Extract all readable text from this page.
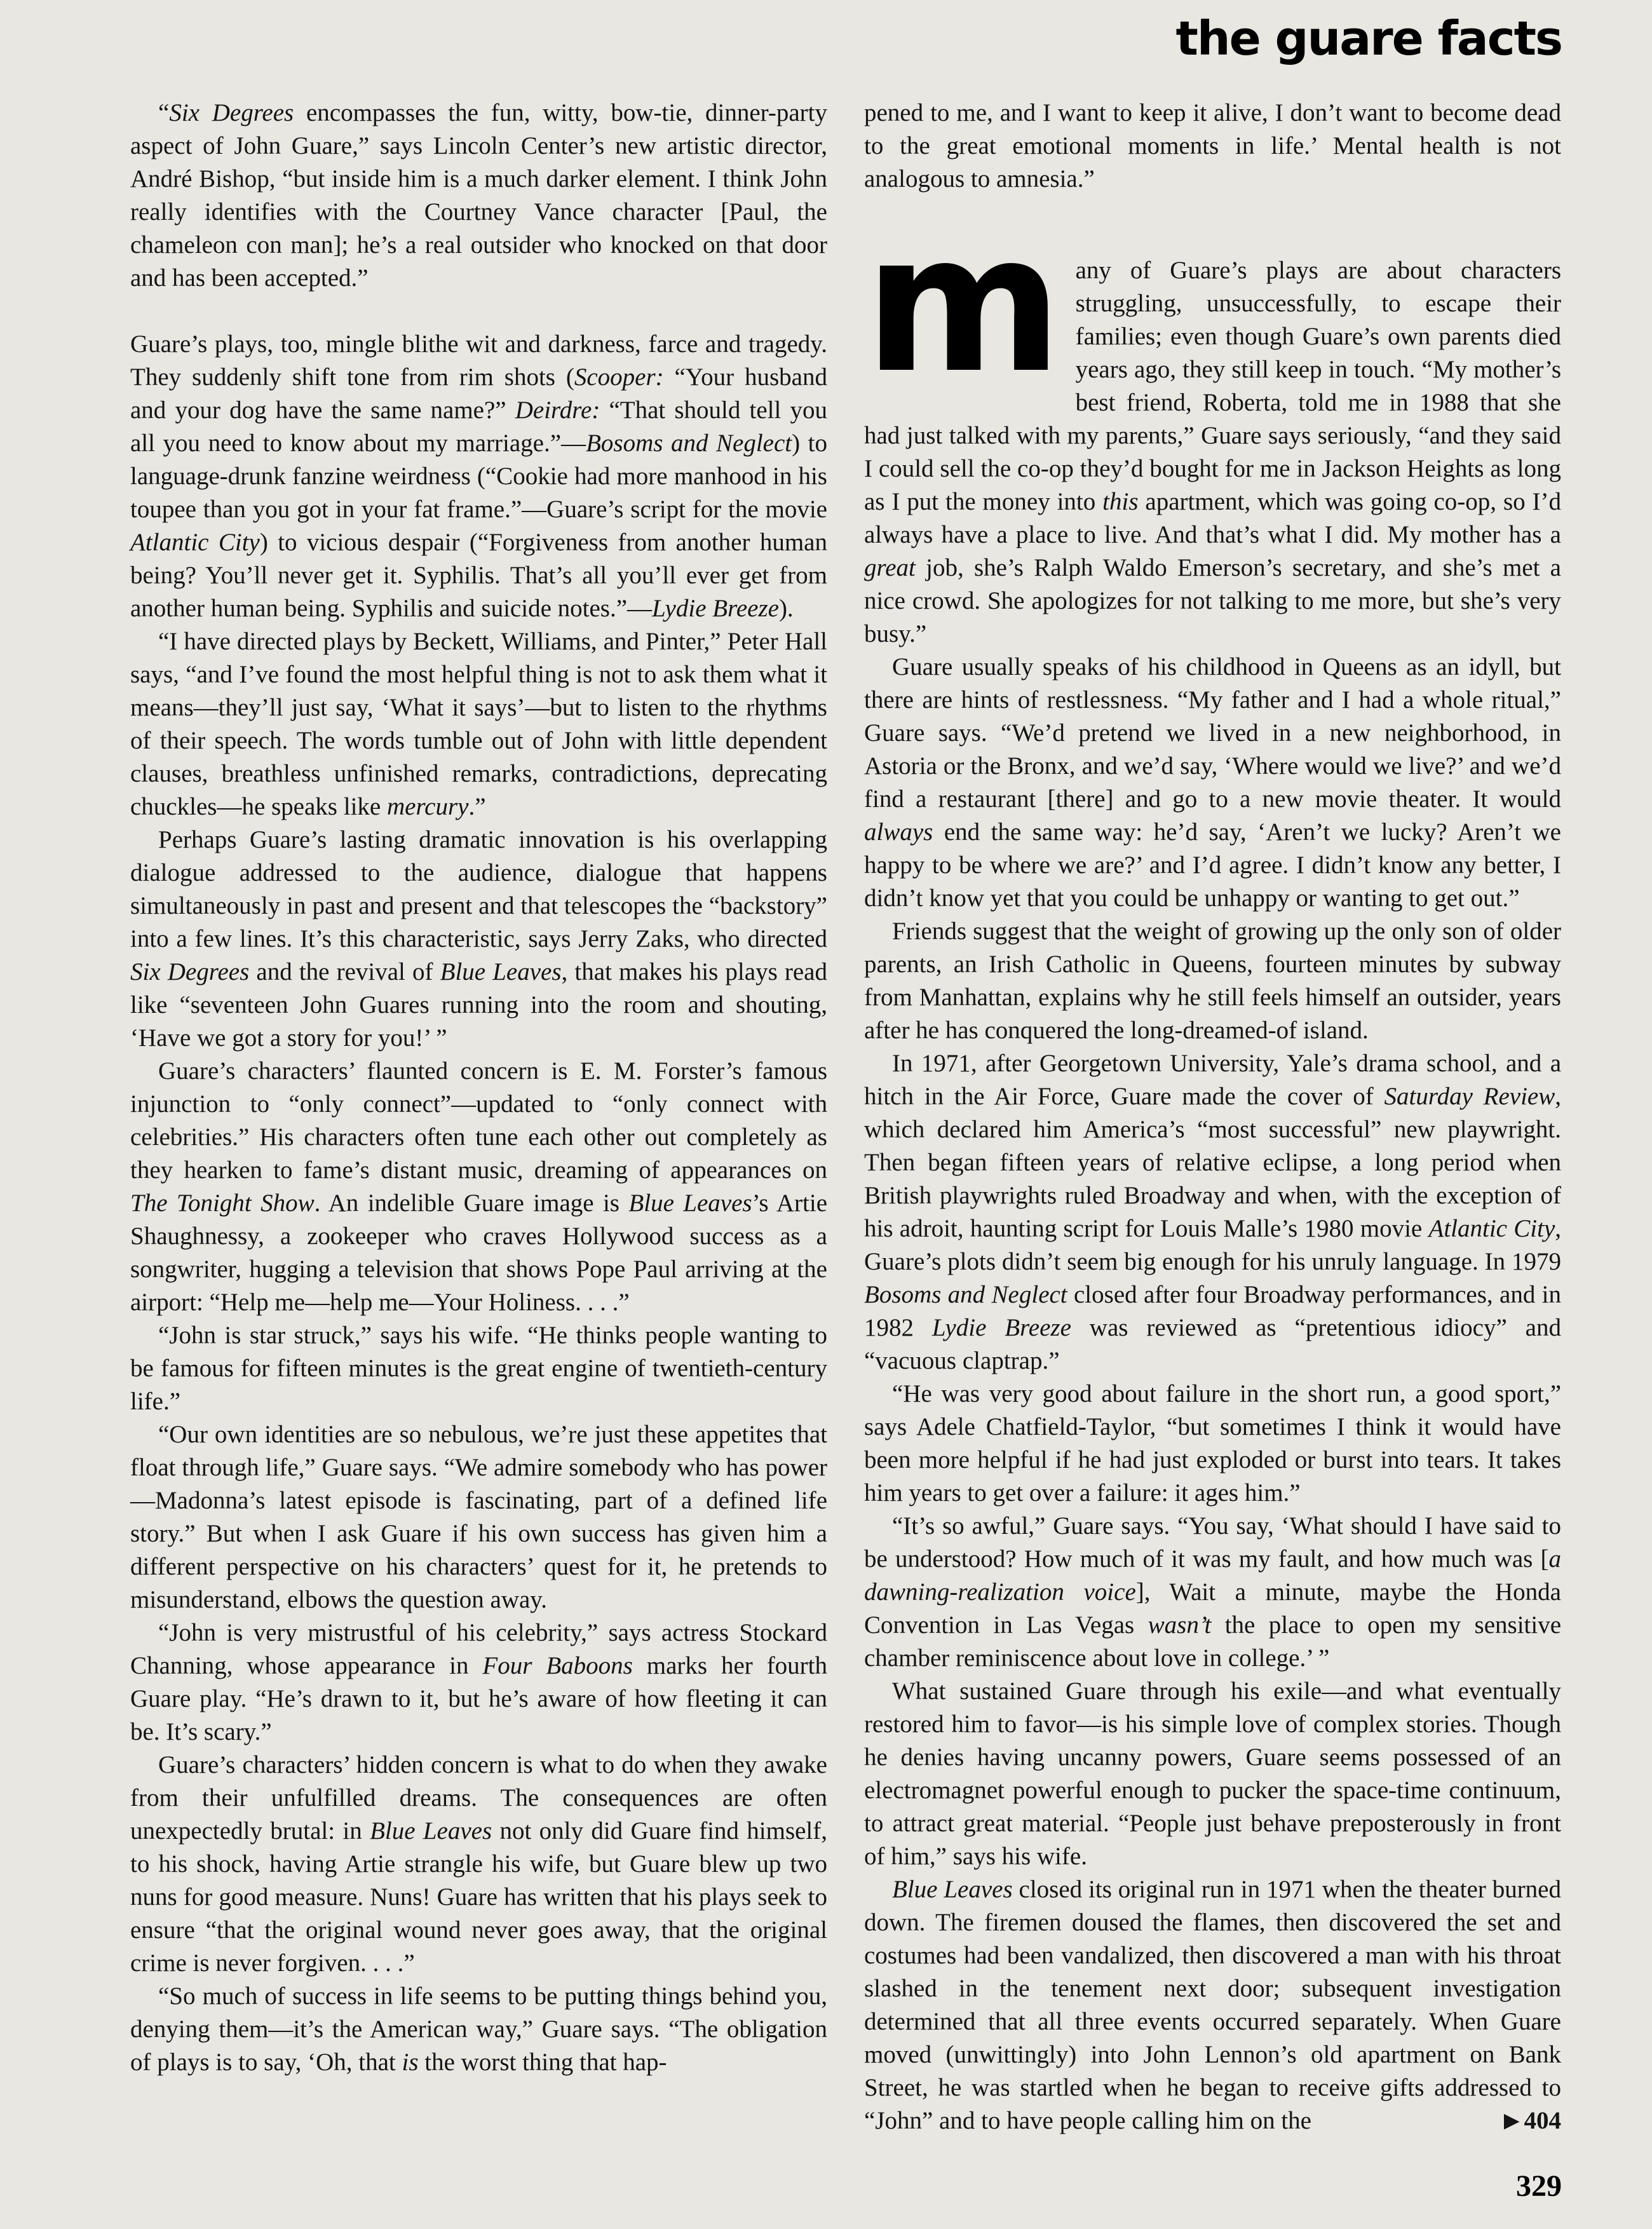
the guare facts

“Six Degrees encompasses the fun, witty, bow-tie, dinner-party aspect of John Guare,” says Lincoln Center’s new artistic director, André Bishop, “but inside him is a much darker element. I think John really identifies with the Courtney Vance character [Paul, the chameleon con man]; he’s a real outsider who knocked on that door and has been accepted.”

Guare’s plays, too, mingle blithe wit and darkness, farce and tragedy. They suddenly shift tone from rim shots (Scooper: “Your husband and your dog have the same name?” Deirdre: “That should tell you all you need to know about my marriage.”—Bosoms and Neglect) to language-drunk fanzine weirdness (“Cookie had more manhood in his toupee than you got in your fat frame.”—Guare’s script for the movie Atlantic City) to vicious despair (“Forgiveness from another human being? You’ll never get it. Syphilis. That’s all you’ll ever get from another human being. Syphilis and suicide notes.”—Lydie Breeze).

“I have directed plays by Beckett, Williams, and Pinter,” Peter Hall says, “and I’ve found the most helpful thing is not to ask them what it means—they’ll just say, ‘What it says’—but to listen to the rhythms of their speech. The words tumble out of John with little dependent clauses, breathless unfinished remarks, contradictions, deprecating chuckles—he speaks like mercury.”

Perhaps Guare’s lasting dramatic innovation is his overlapping dialogue addressed to the audience, dialogue that happens simultaneously in past and present and that telescopes the “backstory” into a few lines. It’s this characteristic, says Jerry Zaks, who directed Six Degrees and the revival of Blue Leaves, that makes his plays read like “seventeen John Guares running into the room and shouting, ‘Have we got a story for you!’ ”

Guare’s characters’ flaunted concern is E. M. Forster’s famous injunction to “only connect”—updated to “only connect with celebrities.” His characters often tune each other out completely as they hearken to fame’s distant music, dreaming of appearances on The Tonight Show. An indelible Guare image is Blue Leaves’s Artie Shaughnessy, a zookeeper who craves Hollywood success as a songwriter, hugging a television that shows Pope Paul arriving at the airport: “Help me—help me—Your Holiness. . . .”

“John is star struck,” says his wife. “He thinks people wanting to be famous for fifteen minutes is the great engine of twentieth-century life.”

“Our own identities are so nebulous, we’re just these appetites that float through life,” Guare says. “We admire somebody who has power—Madonna’s latest episode is fascinating, part of a defined life story.” But when I ask Guare if his own success has given him a different perspective on his characters’ quest for it, he pretends to misunderstand, elbows the question away.

“John is very mistrustful of his celebrity,” says actress Stockard Channing, whose appearance in Four Baboons marks her fourth Guare play. “He’s drawn to it, but he’s aware of how fleeting it can be. It’s scary.”

Guare’s characters’ hidden concern is what to do when they awake from their unfulfilled dreams. The consequences are often unexpectedly brutal: in Blue Leaves not only did Guare find himself, to his shock, having Artie strangle his wife, but Guare blew up two nuns for good measure. Nuns! Guare has written that his plays seek to ensure “that the original wound never goes away, that the original crime is never forgiven. . . .”

“So much of success in life seems to be putting things behind you, denying them—it’s the American way,” Guare says. “The obligation of plays is to say, ‘Oh, that is the worst thing that hap-

pened to me, and I want to keep it alive, I don’t want to become dead to the great emotional moments in life.’ Mental health is not analogous to amnesia.”

many of Guare’s plays are about characters struggling, unsuccessfully, to escape their families; even though Guare’s own parents died years ago, they still keep in touch. “My mother’s best friend, Roberta, told me in 1988 that she had just talked with my parents,” Guare says seriously, “and they said I could sell the co-op they’d bought for me in Jackson Heights as long as I put the money into this apartment, which was going co-op, so I’d always have a place to live. And that’s what I did. My mother has a great job, she’s Ralph Waldo Emerson’s secretary, and she’s met a nice crowd. She apologizes for not talking to me more, but she’s very busy.”

Guare usually speaks of his childhood in Queens as an idyll, but there are hints of restlessness. “My father and I had a whole ritual,” Guare says. “We’d pretend we lived in a new neighborhood, in Astoria or the Bronx, and we’d say, ‘Where would we live?’ and we’d find a restaurant [there] and go to a new movie theater. It would always end the same way: he’d say, ‘Aren’t we lucky? Aren’t we happy to be where we are?’ and I’d agree. I didn’t know any better, I didn’t know yet that you could be unhappy or wanting to get out.”

Friends suggest that the weight of growing up the only son of older parents, an Irish Catholic in Queens, fourteen minutes by subway from Manhattan, explains why he still feels himself an outsider, years after he has conquered the long-dreamed-of island.

In 1971, after Georgetown University, Yale’s drama school, and a hitch in the Air Force, Guare made the cover of Saturday Review, which declared him America’s “most successful” new playwright. Then began fifteen years of relative eclipse, a long period when British playwrights ruled Broadway and when, with the exception of his adroit, haunting script for Louis Malle’s 1980 movie Atlantic City, Guare’s plots didn’t seem big enough for his unruly language. In 1979 Bosoms and Neglect closed after four Broadway performances, and in 1982 Lydie Breeze was reviewed as “pretentious idiocy” and “vacuous claptrap.”

“He was very good about failure in the short run, a good sport,” says Adele Chatfield-Taylor, “but sometimes I think it would have been more helpful if he had just exploded or burst into tears. It takes him years to get over a failure: it ages him.”

“It’s so awful,” Guare says. “You say, ‘What should I have said to be understood? How much of it was my fault, and how much was [a dawning-realization voice], Wait a minute, maybe the Honda Convention in Las Vegas wasn’t the place to open my sensitive chamber reminiscence about love in college.’ ”

What sustained Guare through his exile—and what eventually restored him to favor—is his simple love of complex stories. Though he denies having uncanny powers, Guare seems possessed of an electromagnet powerful enough to pucker the space-time continuum, to attract great material. “People just behave preposterously in front of him,” says his wife.

Blue Leaves closed its original run in 1971 when the theater burned down. The firemen doused the flames, then discovered the set and costumes had been vandalized, then discovered a man with his throat slashed in the tenement next door; subsequent investigation determined that all three events occurred separately. When Guare moved (unwittingly) into John Lennon’s old apartment on Bank Street, he was startled when he began to receive gifts addressed to “John” and to have people calling him on the	▶ 404

329
